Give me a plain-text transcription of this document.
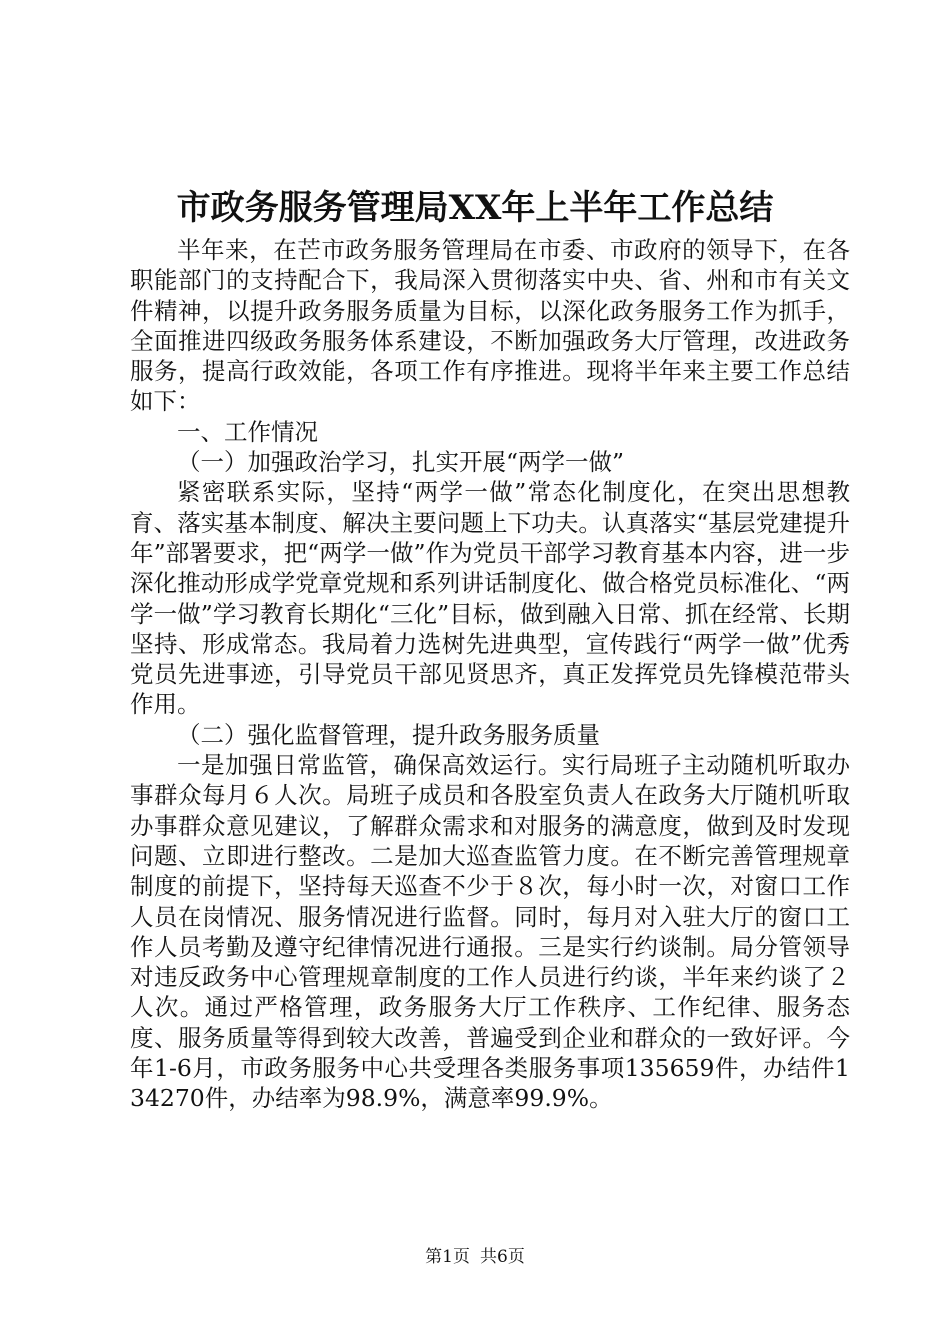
市政务服务管理局XX年上半年工作总结

半年来，在芒市政务服务管理局在市委、市政府的领导下，在各职能部门的支持配合下，我局深入贯彻落实中央、省、州和市有关文件精神，以提升政务服务质量为目标，以深化政务服务工作为抓手，全面推进四级政务服务体系建设，不断加强政务大厅管理，改进政务服务，提高行政效能，各项工作有序推进。现将半年来主要工作总结如下：

一、工作情况

（一）加强政治学习，扎实开展“两学一做”

紧密联系实际，坚持“两学一做”常态化制度化，在突出思想教育、落实基本制度、解决主要问题上下功夫。认真落实“基层党建提升年”部署要求，把“两学一做”作为党员干部学习教育基本内容，进一步深化推动形成学党章党规和系列讲话制度化、做合格党员标准化、“两学一做”学习教育长期化“三化”目标，做到融入日常、抓在经常、长期坚持、形成常态。我局着力选树先进典型，宣传践行“两学一做”优秀党员先进事迹，引导党员干部见贤思齐，真正发挥党员先锋模范带头作用。

（二）强化监督管理，提升政务服务质量

一是加强日常监管，确保高效运行。实行局班子主动随机听取办事群众每月６人次。局班子成员和各股室负责人在政务大厅随机听取办事群众意见建议，了解群众需求和对服务的满意度，做到及时发现问题、立即进行整改。二是加大巡查监管力度。在不断完善管理规章制度的前提下，坚持每天巡查不少于８次，每小时一次，对窗口工作人员在岗情况、服务情况进行监督。同时，每月对入驻大厅的窗口工作人员考勤及遵守纪律情况进行通报。三是实行约谈制。局分管领导对违反政务中心管理规章制度的工作人员进行约谈，半年来约谈了２人次。通过严格管理，政务服务大厅工作秩序、工作纪律、服务态度、服务质量等得到较大改善，普遍受到企业和群众的一致好评。今年1-6月，市政务服务中心共受理各类服务事项135659件，办结件134270件，办结率为98.9%，满意率99.9%。

第1页 共6页
